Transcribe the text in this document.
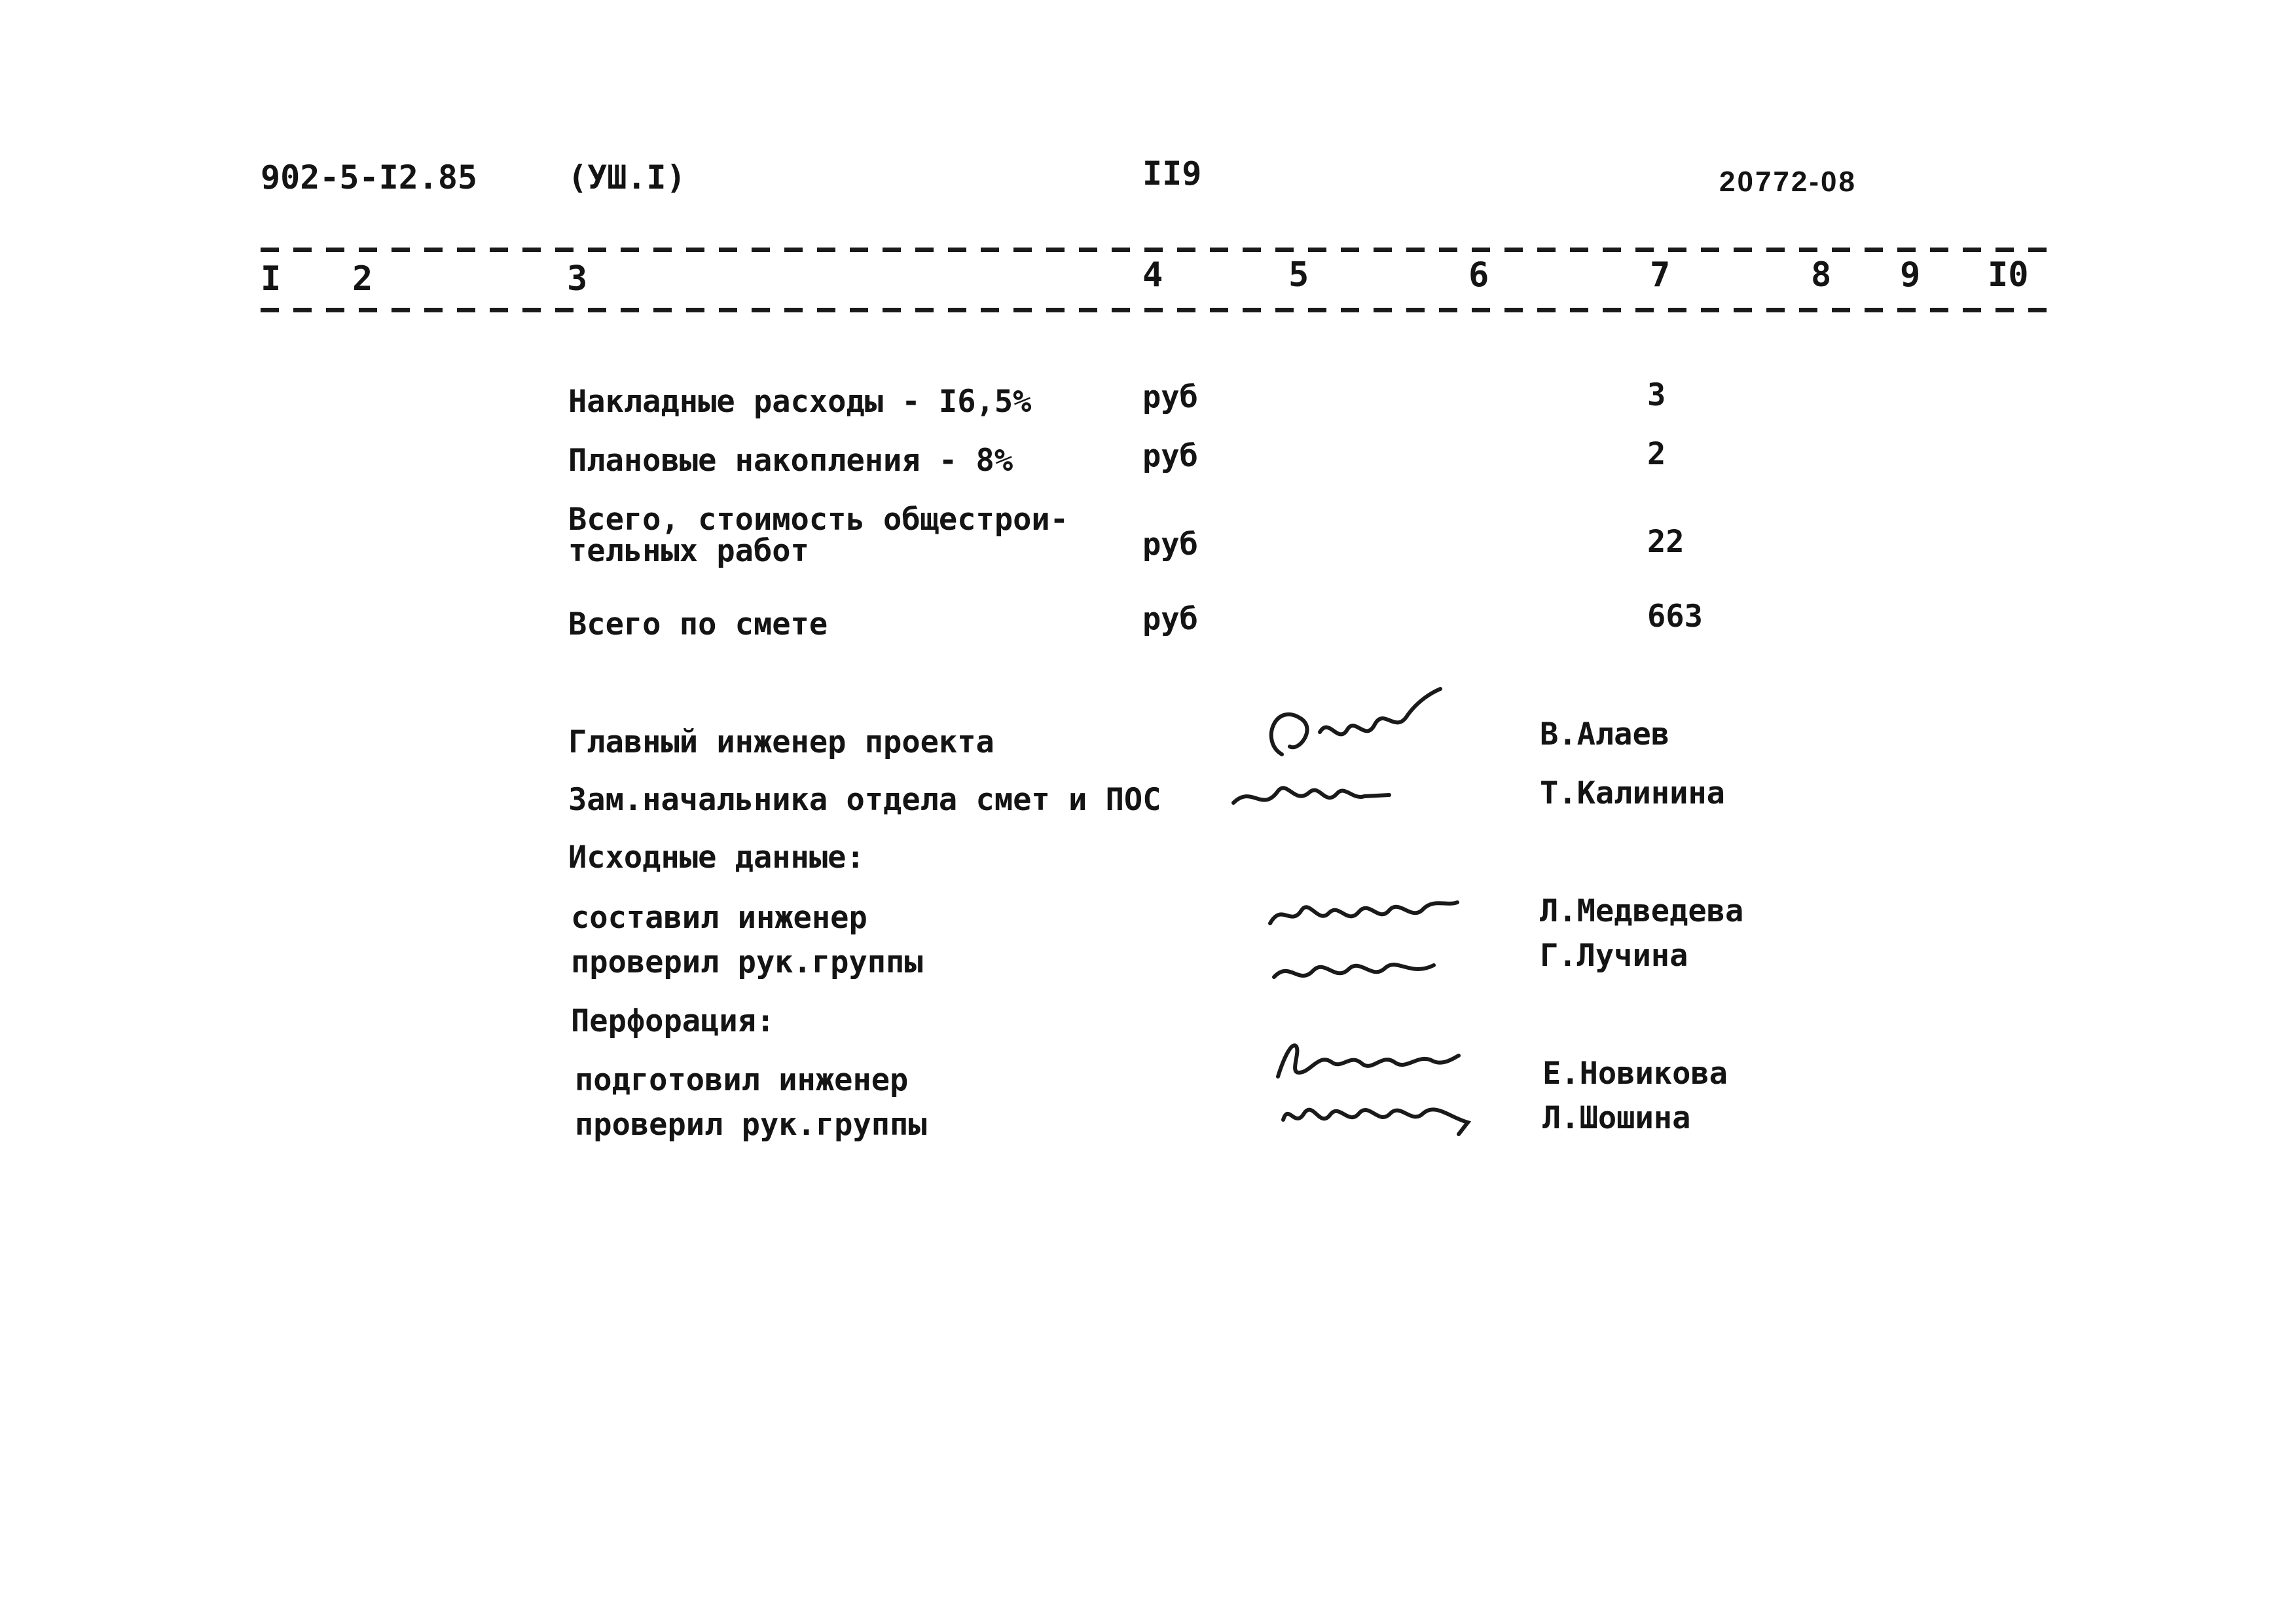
902-5-I2.85	(УШ.I)	II9	20772-08
I 2	3	4	5	6	7	8 9 I0
Накладные расходы - I6,5%	руб	3
Плановые накопления - 8%	руб	2
Всего, стоимость общестрои-
тельных работ	руб	22
Всего по смете	руб	663
Главный инженер проекта	В.Алаев
Зам.начальника отдела смет и ПОС	Т.Калинина
Исходные данные:
составил инженер	Л.Медведева
проверил рук.группы	Г.Лучина
Перфорация:
подготовил инженер	Е.Новикова
проверил рук.группы	Л.Шошина
